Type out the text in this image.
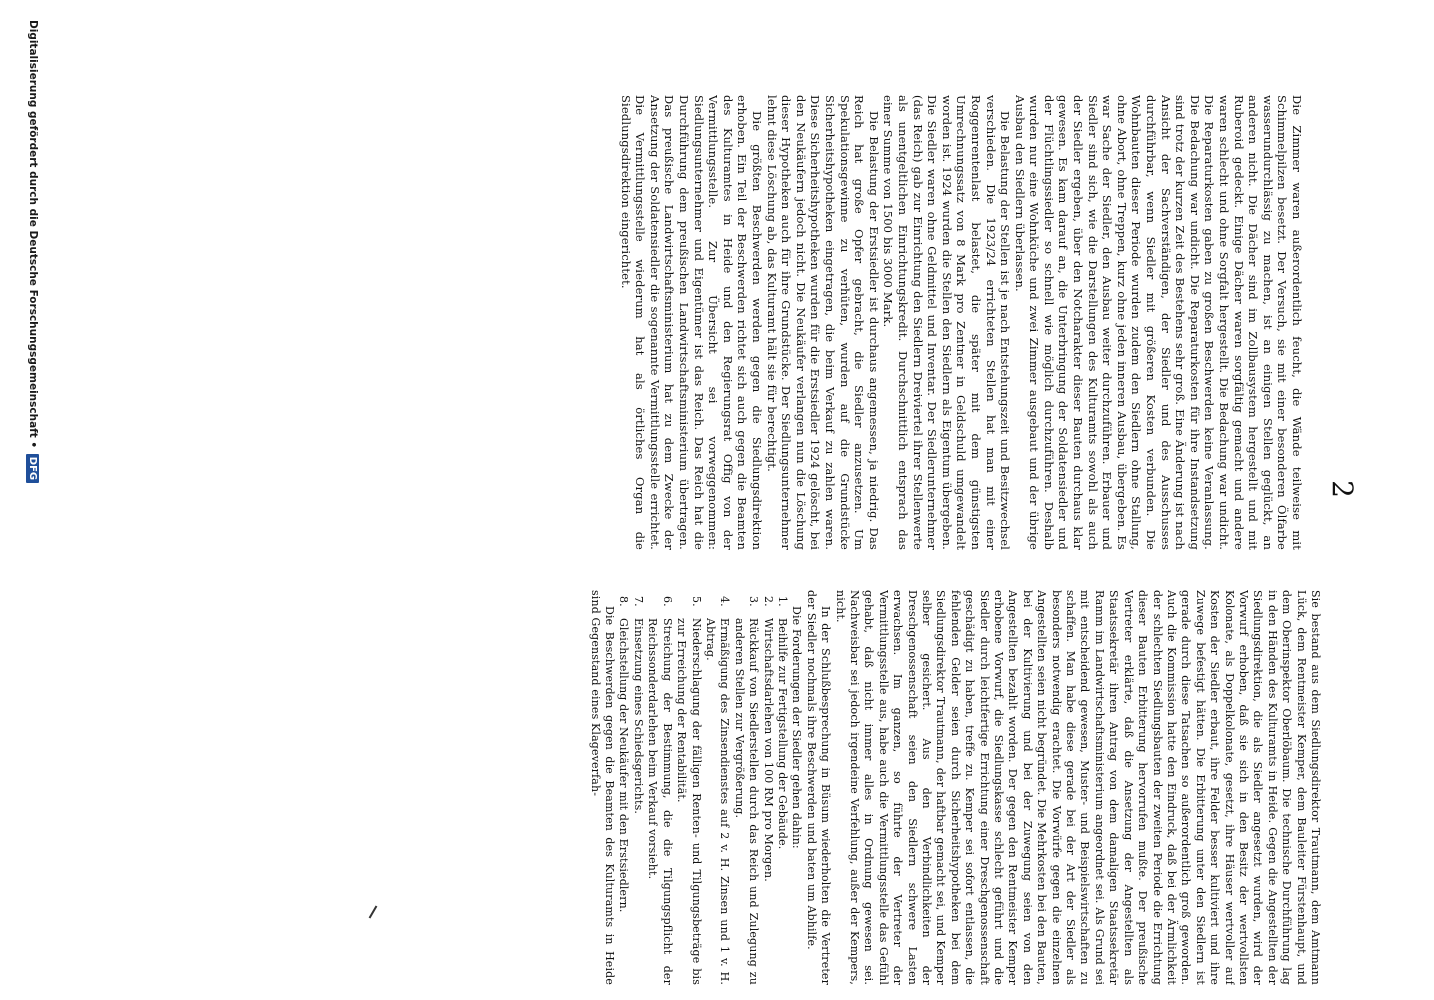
2

Die Zimmer waren außerordentlich feucht, die Wände teilweise mit Schimmelpilzen besetzt. Der Versuch, sie mit einer besonderen Ölfarbe wasserundurchlässig zu machen, ist an einigen Stellen geglückt, an anderen nicht. Die Dächer sind im Zollbausystem hergestellt und mit Ruberoid gedeckt. Einige Dächer waren sorgfältig gemacht und andere waren schlecht und ohne Sorgfalt hergestellt. Die Bedachung war undicht. Die Reparaturkosten gaben zu großen Beschwerden keine Veranlassung. Die Bedachung war undicht. Die Reparaturkosten für ihre Instandsetzung sind trotz der kurzen Zeit des Bestehens sehr groß. Eine Änderung ist nach Ansicht der Sachverständigen, der Siedler und des Ausschusses durchführbar, wenn Siedler mit größeren Kosten verbunden. Die Wohnbauten dieser Periode wurden zudem den Siedlern ohne Stallung, ohne Abort, ohne Treppen, kurz ohne jeden inneren Ausbau, übergeben. Es war Sache der Siedler, den Ausbau weiter durchzuführen. Erbauer und Siedler sind sich, wie die Darstellungen des Kulturamts sowohl als auch der Siedler ergeben, über den Notcharakter dieser Bauten durchaus klar gewesen. Es kam darauf an, die Unterbringung der Soldatensiedler und der Flüchtlingssiedler so schnell wie möglich durchzuführen. Deshalb wurden nur eine Wohnküche und zwei Zimmer ausgebaut und der übrige Ausbau den Siedlern überlassen.

Die Belastung der Stellen ist je nach Entstehungszeit und Besitzwechsel verschieden. Die 1923/24 errichteten Stellen hat man mit einer Roggenrentenlast belastet, die später mit dem günstigsten Umrechnungssatz von 8 Mark pro Zentner in Geldschuld umgewandelt worden ist. 1924 wurden die Stellen den Siedlern als Eigentum übergeben. Die Siedler waren ohne Geldmittel und Inventar. Der Siedlerunternehmer (das Reich) gab zur Einrichtung den Siedlern Dreiviertel ihrer Stellenwerte als unentgeltlichen Einrichtungskredit. Durchschnittlich entsprach das einer Summe von 1500 bis 3000 Mark.

Die Belastung der Erstsiedler ist durchaus angemessen, ja niedrig. Das Reich hat große Opfer gebracht, die Siedler anzusetzen. Um Spekulationsgewinne zu verhüten, wurden auf die Grundstücke Sicherheitshypotheken eingetragen, die beim Verkauf zu zahlen waren. Diese Sicherheitshypotheken wurden für die Erstsiedler 1924 gelöscht, bei den Neukäufern jedoch nicht. Die Neukäufer verlangen nun die Löschung dieser Hypotheken auch für ihre Grundstücke. Der Siedlungsunternehmer lehnt diese Löschung ab, das Kulturamt hält sie für berechtigt.

Die größten Beschwerden werden gegen die Siedlungsdirektion erhoben. Ein Teil der Beschwerden richtet sich auch gegen die Beamten des Kulturamtes in Heide und den Regierungsrat Offig von der Vermittlungsstelle. Zur Übersicht sei vorweggenommen: Siedlungsunternehmer und Eigentümer ist das Reich. Das Reich hat die Durchführung dem preußischen Landwirtschaftsministerium übertragen. Das preußische Landwirtschaftsministerium hat zu dem Zwecke der Ansetzung der Soldatensiedler die sogenannte Vermittlungsstelle errichtet. Die Vermittlungsstelle wiederum hat als örtliches Organ die Siedlungsdirektion eingerichtet.

Digitalisierung gefördert durch die Deutsche Forschungsgemeinschaft • DFG

Sie bestand aus dem Siedlungsdirektor Trautmann, dem Amtmann Lück, dem Rentmeister Kemper, dem Bauleiter Fürstenhaupt, und dem Oberinspektor Oberlöbaum. Die technische Durchführung lag in den Händen des Kulturamts in Heide. Gegen die Angestellten der Siedlungsdirektion, die als Siedler angesetzt wurden, wird der Vorwurf erhoben, daß sie sich in den Besitz der wertvollsten Kolonate, als Doppelkolonate, gesetzt, ihre Häuser wertvoller auf Kosten der Siedler erbaut, ihre Felder besser kultiviert und ihre Zuwege befestigt hätten. Die Erbitterung unter den Siedlern ist gerade durch diese Tatsachen so außerordentlich groß geworden. Auch die Kommission hatte den Eindruck, daß bei der Ärmlichkeit der schlechten Siedlungsbauten der zweiten Periode die Errichtung dieser Bauten Erbitterung hervorrufen mußte. Der preußische Vertreter erklärte, daß die Ansetzung der Angestellten als Staatssekretär ihren Antrag von dem damaligen Staatssekretär Ramm im Landwirtschaftsministerium angeordnet sei. Als Grund sei mit entscheidend gewesen, Muster- und Beispielswirtschaften zu schaffen. Man habe diese gerade bei der Art der Siedler als besonders notwendig erachtet. Die Vorwürfe gegen die einzelnen Angestellten seien nicht begründet. Die Mehrkosten bei den Bauten, bei der Kultivierung und bei der Zuwegung seien von den Angestellten bezahlt worden. Der gegen den Rentmeister Kemper erhobene Vorwurf, die Siedlungskasse schlecht geführt und die Siedler durch leichtfertige Errichtung einer Dreschgenossenschaft geschädigt zu haben, treffe zu. Kemper sei sofort entlassen, die fehlenden Gelder seien durch Sicherheitshypotheken bei dem Siedlungsdirektor Trautmann, der haftbar gemacht sei, und Kemper selber gesichert. Aus den Verbindlichkeiten der Dreschgenossenschaft seien den Siedlern schwere Lasten erwachsen. Im ganzen, so führte der Vertreter der Vermittlungsstelle aus, habe auch die Vermittlungsstelle das Gefühl gehabt, daß nicht immer alles in Ordnung gewesen sei. Nachweisbar sei jedoch irgendeine Verfehlung, außer der Kempers, nicht.

In der Schlußbesprechung in Büsum wiederholten die Vertreter der Siedler nochmals ihre Beschwerden und baten um Abhilfe.

Die Forderungen der Siedler gehen dahin:

1.
Beihilfe zur Fertigstellung der Gebäude.
2.
Wirtschaftsdarlehen von 100 RM pro Morgen.
3.
Rückkauf von Siedlerstellen durch das Reich und Zulegung zu anderen Stellen zur Vergrößerung.
4.
Ermäßigung des Zinsendienstes auf 2 v. H. Zinsen und 1 v. H. Abtrag.
5.
Niederschlagung der fälligen Renten- und Tilgungsbeträge bis zur Erreichung der Rentabilität.
6.
Streichung der Bestimmung, die die Tilgungspflicht der Reichssonderdarlehen beim Verkauf vorsieht.
7.
Einsetzung eines Schiedsgerichts.
8.
Gleichstellung der Neukäufer mit den Erstsiedlern.

Die Beschwerden gegen die Beamten des Kulturamts in Heide sind Gegenstand eines Klageverfah-
